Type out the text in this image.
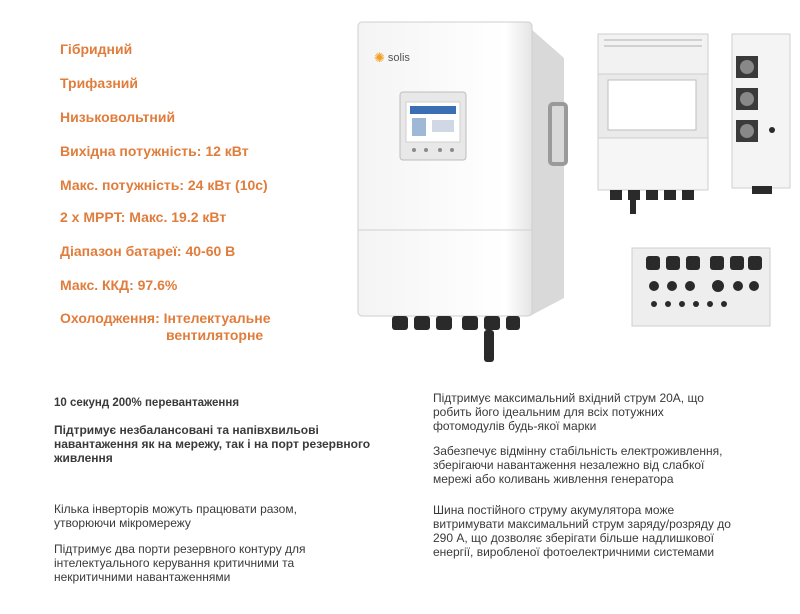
Гібридний
Трифазний
Низьковольтний
Вихідна потужність: 12 кВт
Макс. потужність: 24 кВт (10с)
2 x MPPT: Макс. 19.2 кВт
Діапазон батареї: 40-60 В
Макс. ККД: 97.6%
Охолодження: Інтелектуальне
вентиляторне
✺ solis
10 секунд 200% перевантаження
Підтримує незбалансовані та напівхвильові навантаження як на мережу, так і на порт резервного живлення
Підтримує максимальний вхідний струм 20А, що робить його ідеальним для всіх потужних фотомодулів будь-якої марки
Забезпечує відмінну стабільність електроживлення, зберігаючи навантаження незалежно від слабкої мережі або коливань живлення генератора
Кілька інверторів можуть працювати разом, утворюючи мікромережу
Підтримує два порти резервного контуру для інтелектуального керування критичними та некритичними навантаженнями
Шина постійного струму акумулятора може витримувати максимальний струм заряду/розряду до 290 А, що дозволяє зберігати більше надлишкової енергії, виробленої фотоелектричними системами
